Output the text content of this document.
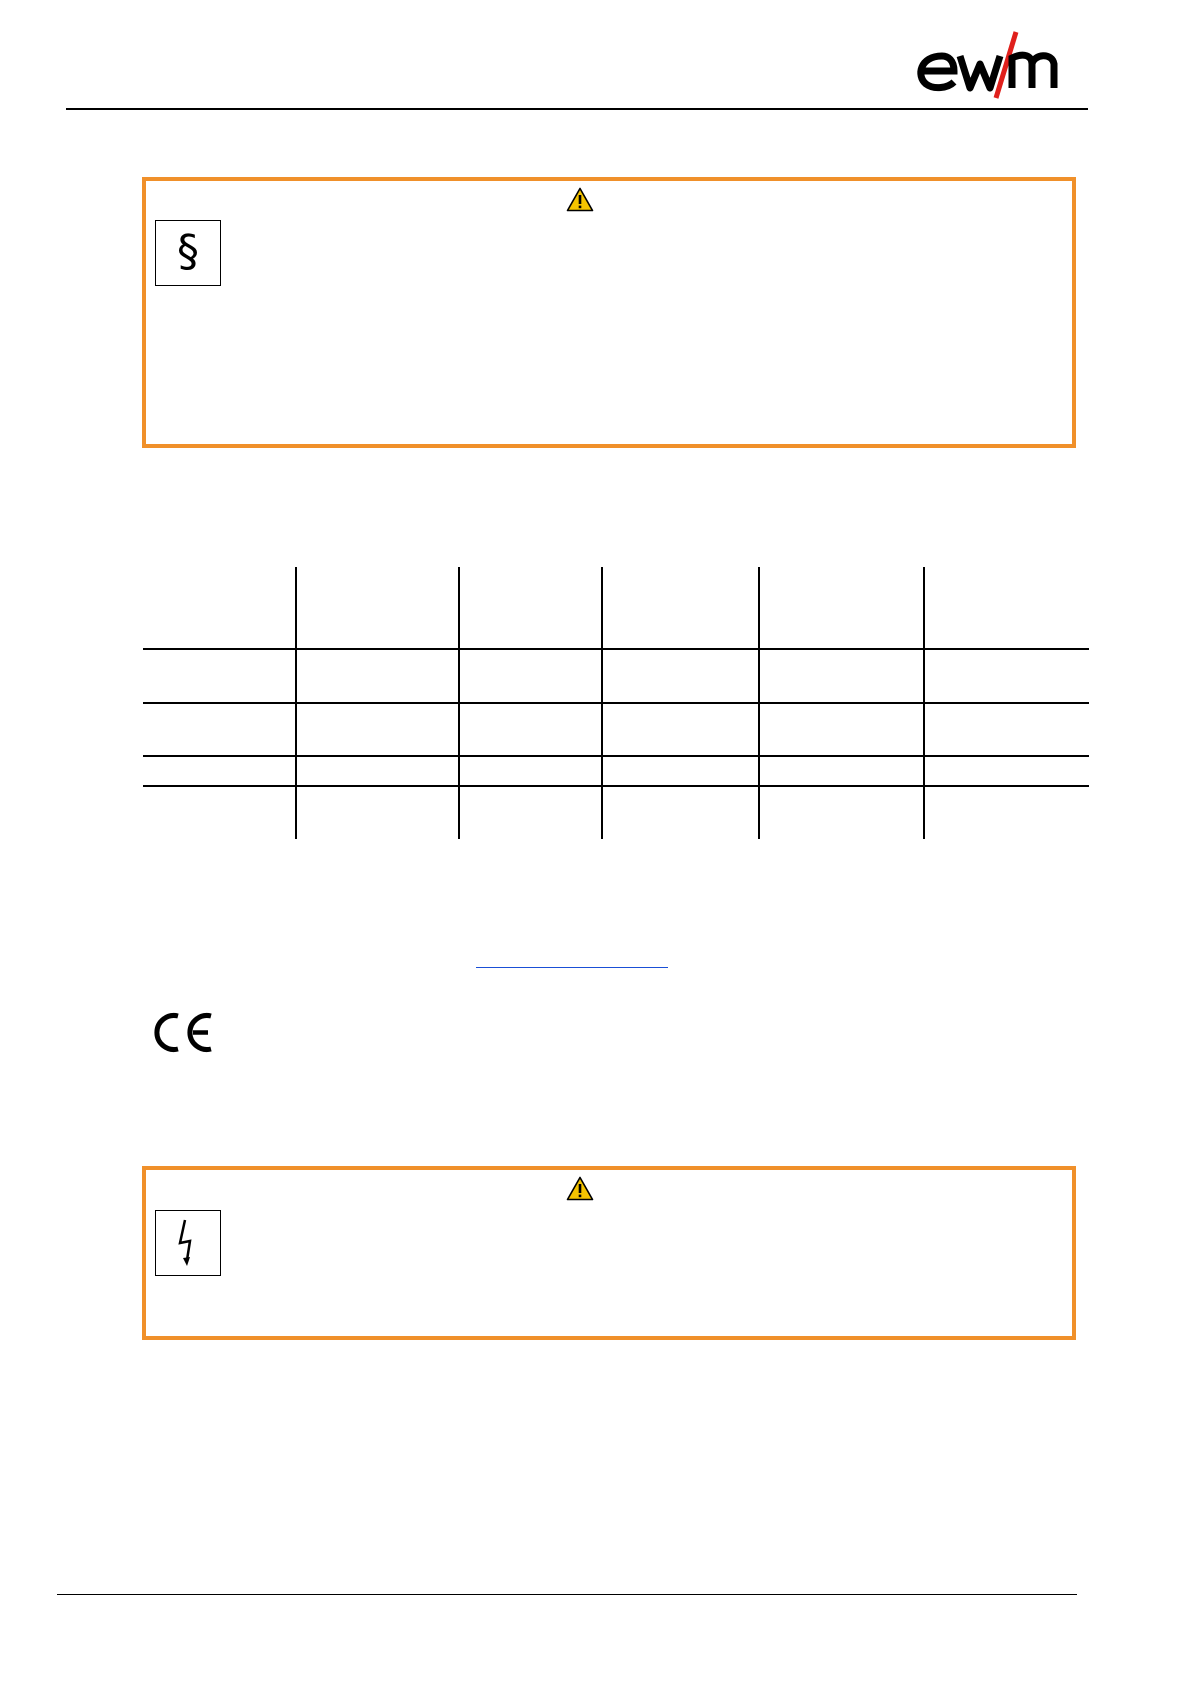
§
